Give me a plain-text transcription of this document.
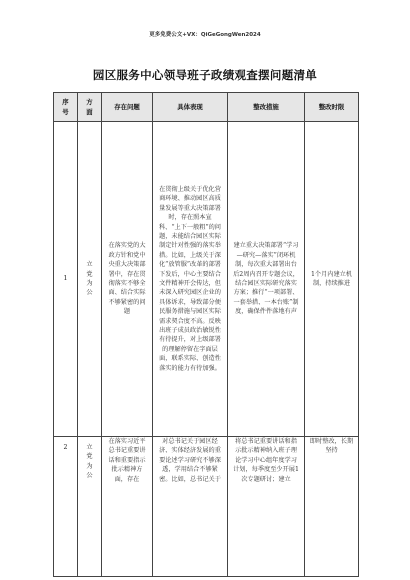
更多免费公文+VX：QiGeGongWen2024
园区服务中心领导班子政绩观查摆问题清单
序号	方面	存在问题	具体表现	整改措施	整改时限
1	立党为公	在落实党的大政方针和党中央重大决策部署中，存在贯彻落实不够全面、结合实际不够紧密的问题	在贯彻上级关于优化营商环境、推动园区高质量发展等重大决策部署时，存在照本宣科、“上下一般粗”的问题，未能结合园区实际制定针对性强的落实举措。比如，上级关于深化“放管服”改革的部署下发后，中心主要结合文件精神开会传达，但未深入研究园区企业的具体诉求，导致部分便民服务措施与园区实际需求契合度不高。反映出班子成员政治敏锐性有待提升，对上级部署的理解停留在字面层面，联系实际、创造性落实的能力有待加强。	建立重大决策部署“学习—研究—落实”闭环机制，每次重大部署出台后2周内召开专题会议，结合园区实际研究落实方案；推行“一项部署、一套举措、一本台账”制度，确保件件落地有声	1个月内建立机制，持续推进

2	立党为公	在落实习近平总书记重要讲话和重要指示批示精神方面，存在	对总书记关于园区经济、实体经济发展的重要论述学习研究不够深透，学用结合不够紧密。比如，总书记关于	将总书记重要讲话和指示批示精神纳入班子理论学习中心组年度学习计划，每季度至少开展1次专题研讨；建立	即时整改，长期坚持
